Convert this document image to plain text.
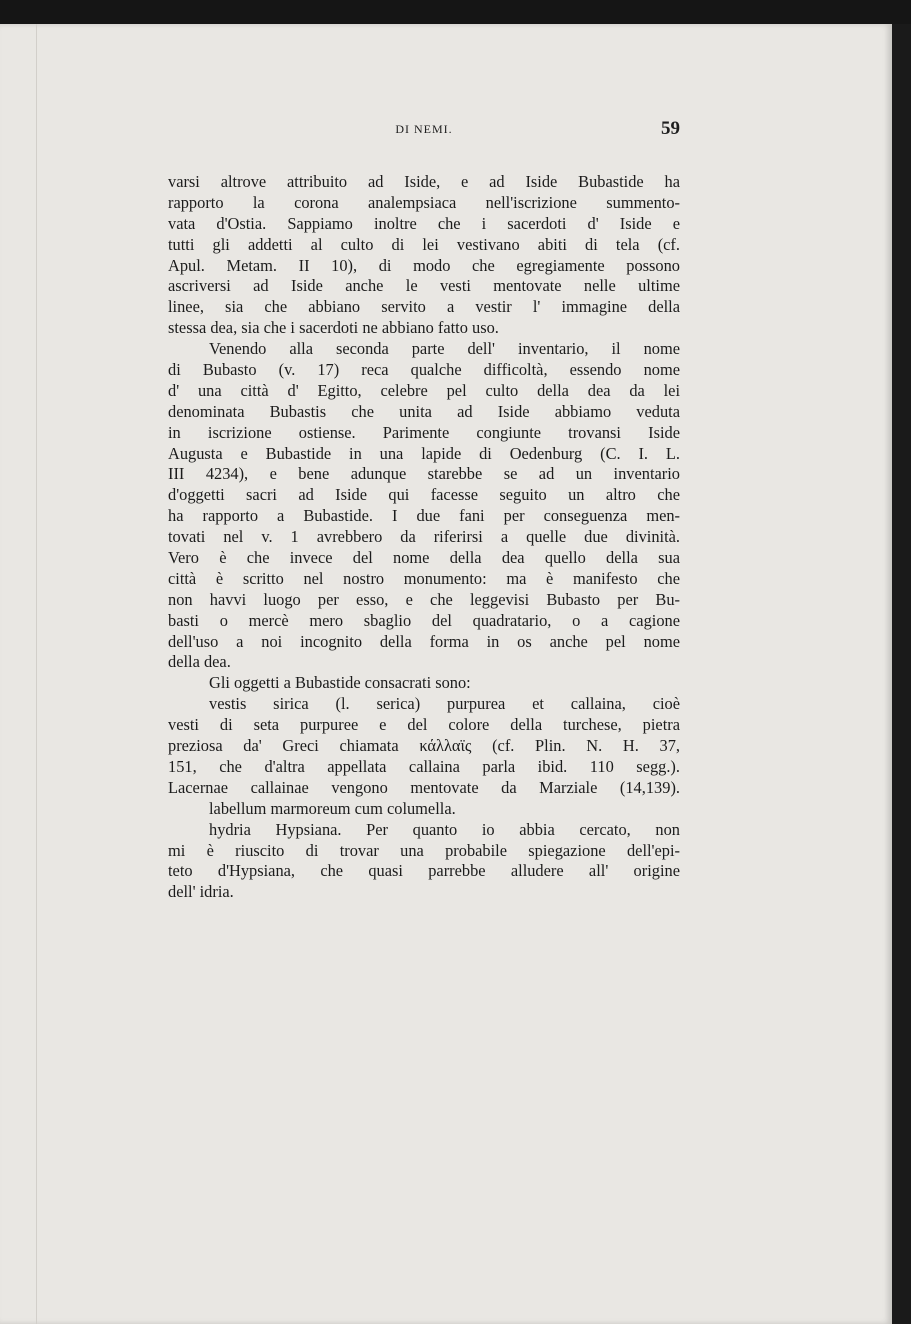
DI NEMI.	59
varsi altrove attribuito ad Iside, e ad Iside Bubastide ha
rapporto la corona analempsiaca nell'iscrizione summento-
vata d'Ostia. Sappiamo inoltre che i sacerdoti d' Iside e
tutti gli addetti al culto di lei vestivano abiti di tela (cf.
Apul. Metam. II 10), di modo che egregiamente possono
ascriversi ad Iside anche le vesti mentovate nelle ultime
linee, sia che abbiano servito a vestir l' immagine della
stessa dea, sia che i sacerdoti ne abbiano fatto uso.
Venendo alla seconda parte dell' inventario, il nome
di Bubasto (v. 17) reca qualche difficoltà, essendo nome
d' una città d' Egitto, celebre pel culto della dea da lei
denominata Bubastis che unita ad Iside abbiamo veduta
in iscrizione ostiense. Parimente congiunte trovansi Iside
Augusta e Bubastide in una lapide di Oedenburg (C. I. L.
III 4234), e bene adunque starebbe se ad un inventario
d'oggetti sacri ad Iside qui facesse seguito un altro che
ha rapporto a Bubastide. I due fani per conseguenza men-
tovati nel v. 1 avrebbero da riferirsi a quelle due divinità.
Vero è che invece del nome della dea quello della sua
città è scritto nel nostro monumento: ma è manifesto che
non havvi luogo per esso, e che leggevisi Bubasto per Bu-
basti o mercè mero sbaglio del quadratario, o a cagione
dell'uso a noi incognito della forma in os anche pel nome
della dea.
Gli oggetti a Bubastide consacrati sono:
vestis sirica (l. serica) purpurea et callaina, cioè
vesti di seta purpuree e del colore della turchese, pietra
preziosa da' Greci chiamata κάλλαϊς (cf. Plin. N. H. 37,
151, che d'altra appellata callaina parla ibid. 110 segg.).
Lacernae callainae vengono mentovate da Marziale (14,139).
labellum marmoreum cum columella.
hydria Hypsiana. Per quanto io abbia cercato, non
mi è riuscito di trovar una probabile spiegazione dell'epi-
teto d'Hypsiana, che quasi parrebbe alludere all' origine
dell' idria.
